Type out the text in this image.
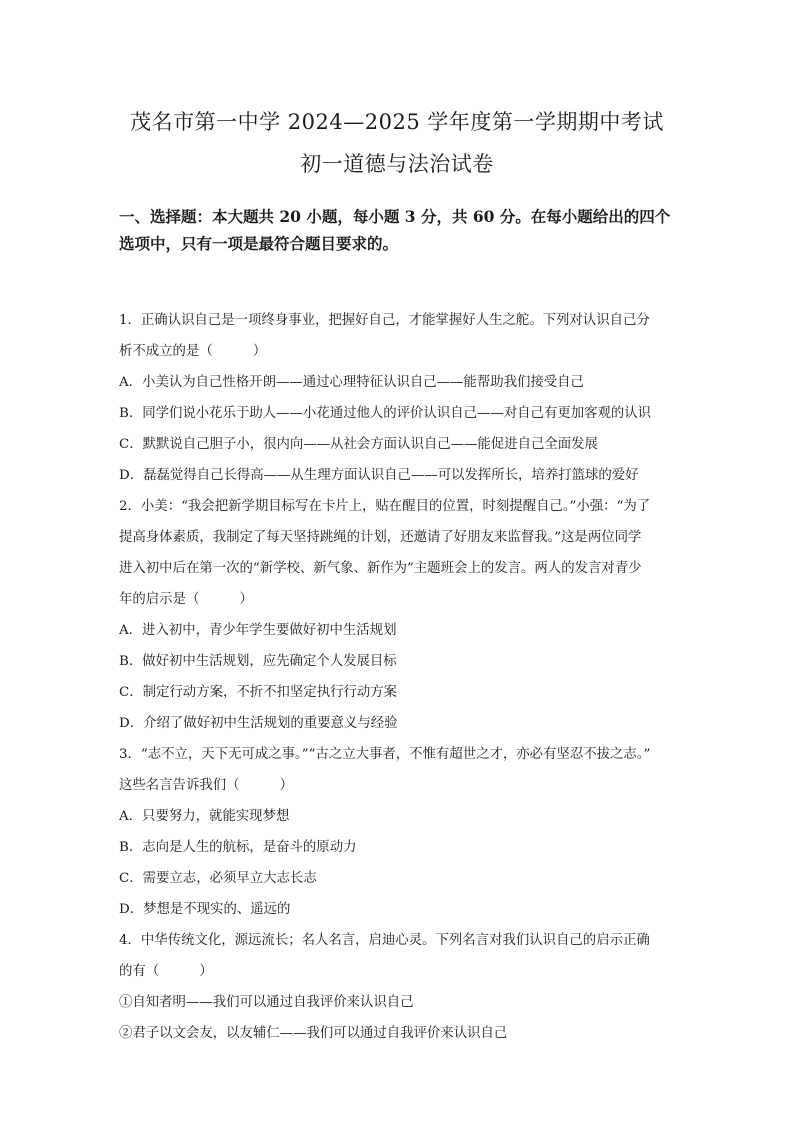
茂名市第一中学 2024—2025 学年度第一学期期中考试
初一道德与法治试卷
一、选择题：本大题共 20 小题，每小题 3 分，共 60 分。在每小题给出的四个选项中，只有一项是最符合题目要求的。
1．正确认识自己是一项终身事业，把握好自己，才能掌握好人生之舵。下列对认识自己分
析不成立的是（　　　）
A．小美认为自己性格开朗——通过心理特征认识自己——能帮助我们接受自己
B．同学们说小花乐于助人——小花通过他人的评价认识自己——对自己有更加客观的认识
C．默默说自己胆子小，很内向——从社会方面认识自己——能促进自己全面发展
D．磊磊觉得自己长得高——从生理方面认识自己——可以发挥所长，培养打篮球的爱好
2．小美：“我会把新学期目标写在卡片上，贴在醒目的位置，时刻提醒自己。”小强：“为了
提高身体素质，我制定了每天坚持跳绳的计划，还邀请了好朋友来监督我。”这是两位同学
进入初中后在第一次的“新学校、新气象、新作为”主题班会上的发言。两人的发言对青少
年的启示是（　　　）
A．进入初中，青少年学生要做好初中生活规划
B．做好初中生活规划，应先确定个人发展目标
C．制定行动方案，不折不扣坚定执行行动方案
D．介绍了做好初中生活规划的重要意义与经验
3．“志不立，天下无可成之事。”“古之立大事者，不惟有超世之才，亦必有坚忍不拔之志。”
这些名言告诉我们（　　　）
A．只要努力，就能实现梦想
B．志向是人生的航标，是奋斗的原动力
C．需要立志，必须早立大志长志
D．梦想是不现实的、遥远的
4．中华传统文化，源远流长；名人名言，启迪心灵。下列名言对我们认识自己的启示正确
的有（　　　）
①自知者明——我们可以通过自我评价来认识自己
②君子以文会友，以友辅仁——我们可以通过自我评价来认识自己
